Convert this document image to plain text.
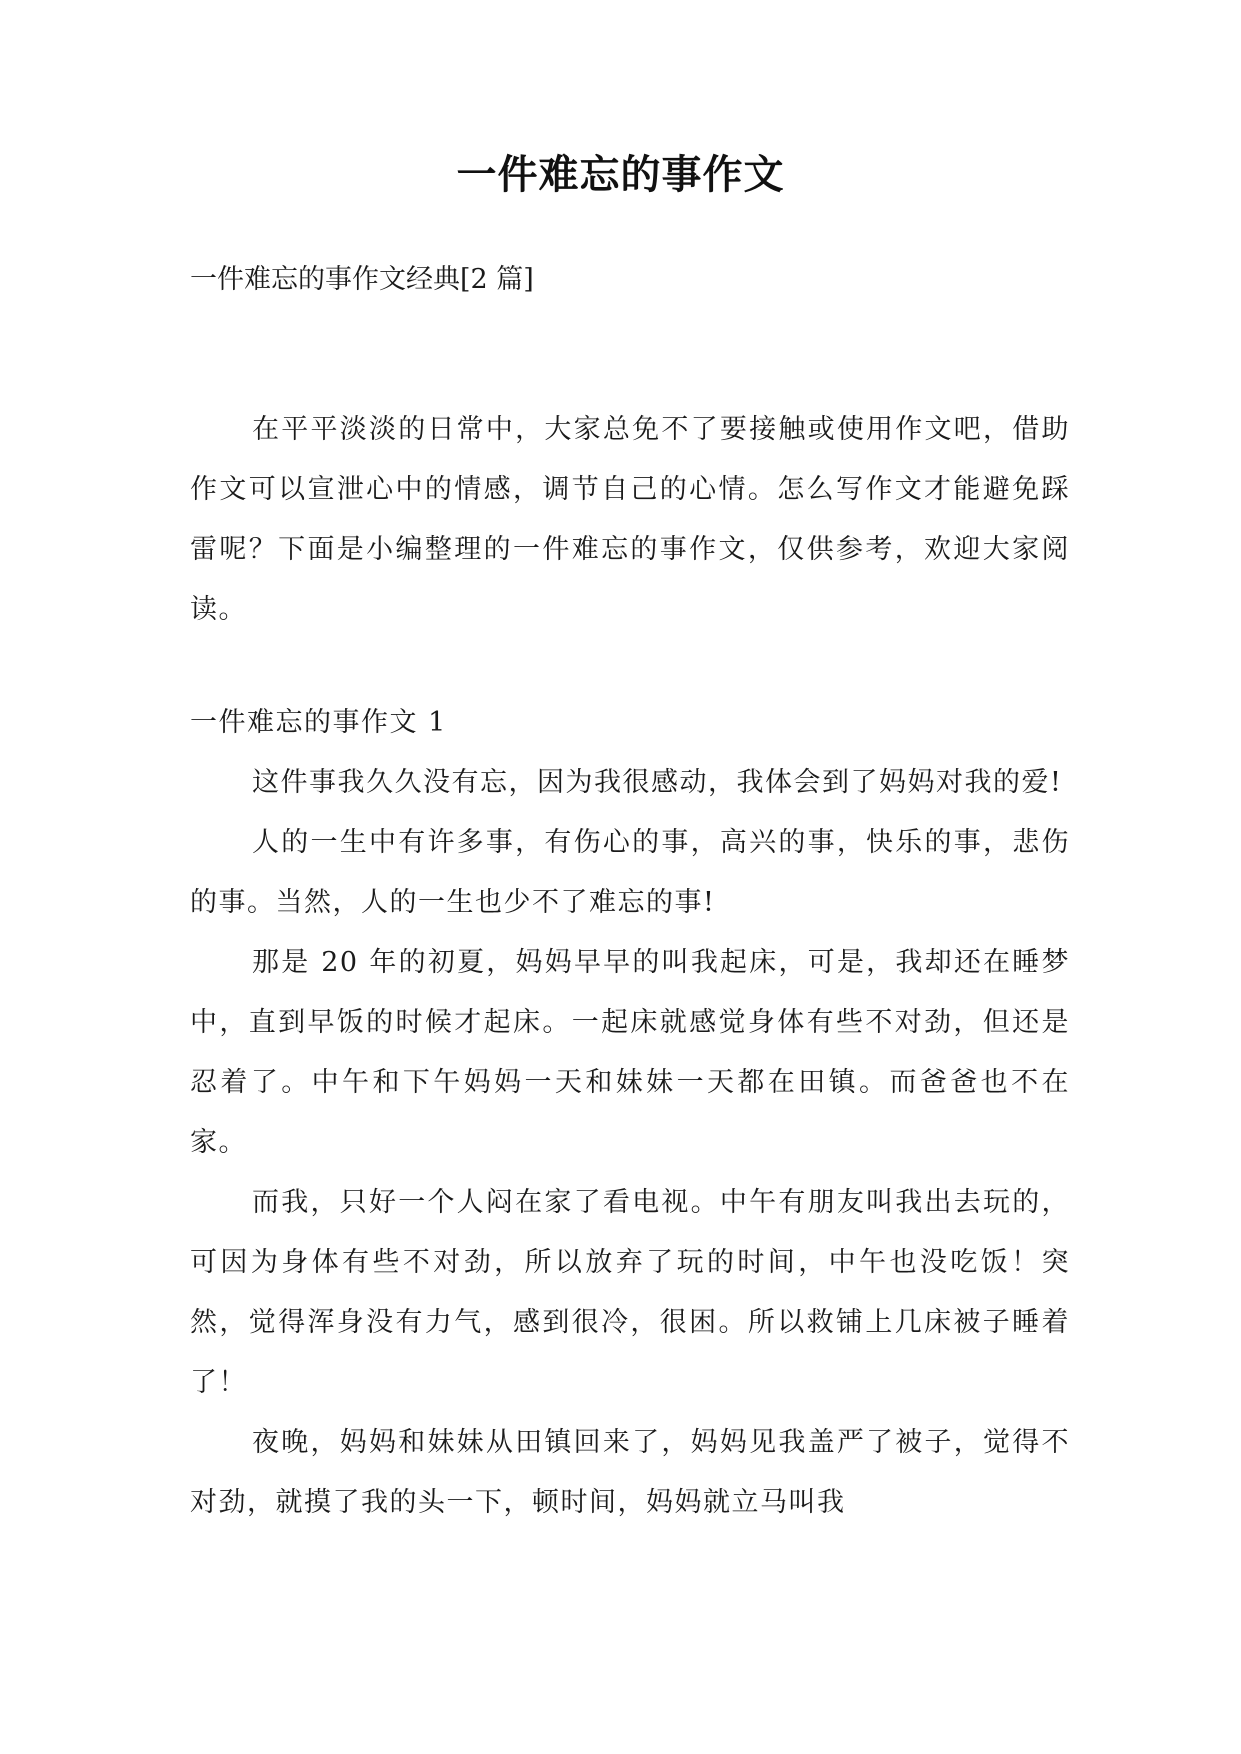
一件难忘的事作文
一件难忘的事作文经典[2 篇]

在平平淡淡的日常中，大家总免不了要接触或使用作文吧，借助作文可以宣泄心中的情感，调节自己的心情。怎么写作文才能避免踩雷呢？下面是小编整理的一件难忘的事作文，仅供参考，欢迎大家阅读。

一件难忘的事作文 1

这件事我久久没有忘，因为我很感动，我体会到了妈妈对我的爱!

人的一生中有许多事，有伤心的事，高兴的事，快乐的事，悲伤的事。当然，人的一生也少不了难忘的事!

那是 20 年的初夏，妈妈早早的叫我起床，可是，我却还在睡梦中，直到早饭的时候才起床。一起床就感觉身体有些不对劲，但还是忍着了。中午和下午妈妈一天和妹妹一天都在田镇。而爸爸也不在家。

而我，只好一个人闷在家了看电视。中午有朋友叫我出去玩的，可因为身体有些不对劲，所以放弃了玩的时间，中午也没吃饭！突然，觉得浑身没有力气，感到很冷，很困。所以救铺上几床被子睡着了！

夜晚，妈妈和妹妹从田镇回来了，妈妈见我盖严了被子，觉得不对劲，就摸了我的头一下，顿时间，妈妈就立马叫我
